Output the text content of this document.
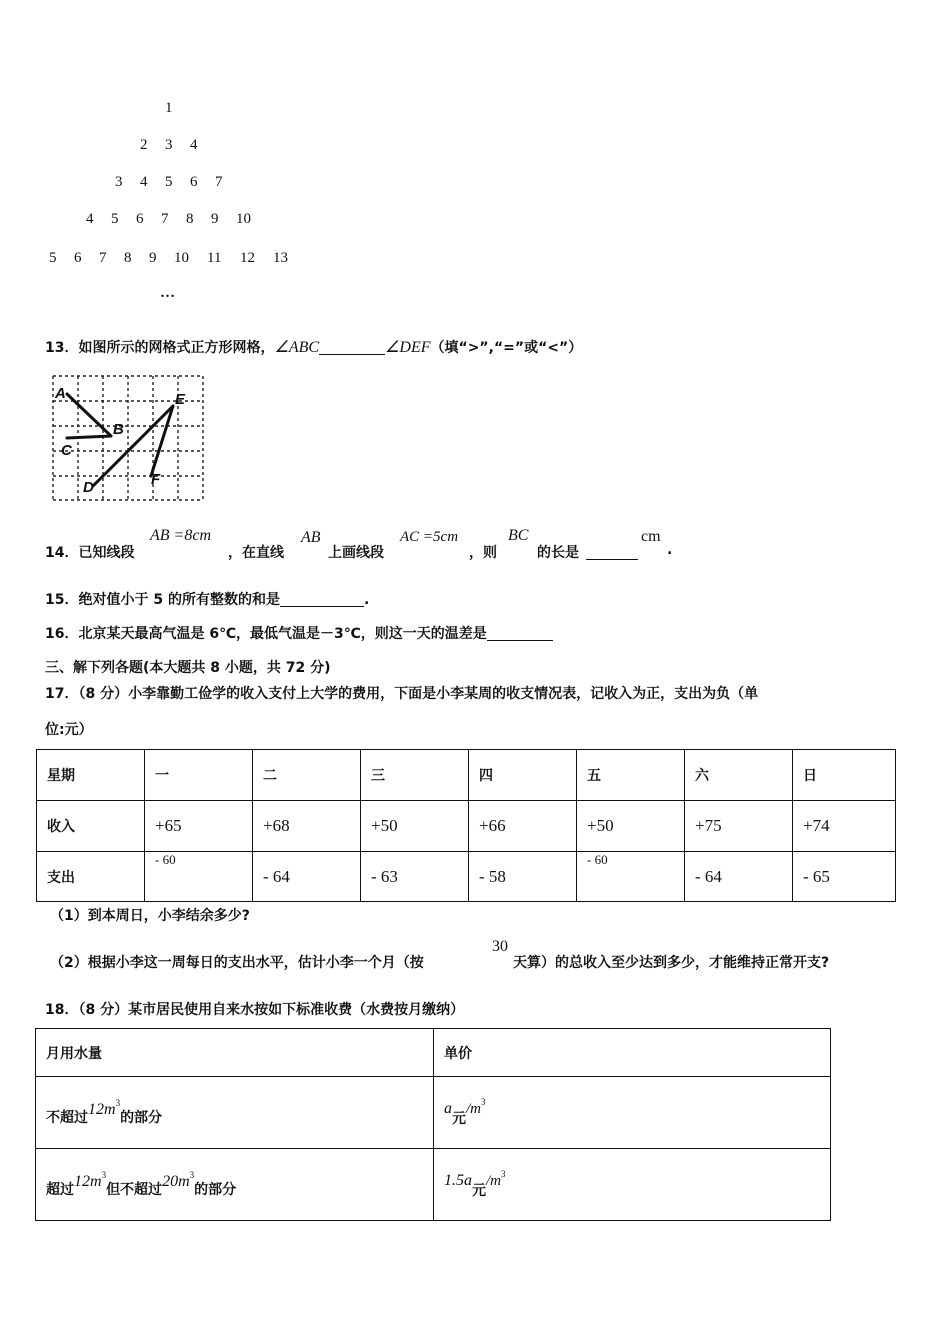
1
2 3 4
3 4 5 6 7
4 5 6 7 8 9 10
5 6 7 8 9 10 11 12 13
…
13．如图所示的网格式正方形网格，∠ABC	∠DEF（填“>”,“=”或“<”）
A
B
C
D
E
F
14．已知线段
AB =8cm
，在直线
AB
上画线段
AC =5cm
，则
BC
的长是
cm
.
15．绝对值小于 5 的所有整数的和是	.
16．北京某天最高气温是 6℃，最低气温是－3℃，则这一天的温差是
三、解下列各题(本大题共 8 小题，共 72 分)
17．（8 分）小李靠勤工俭学的收入支付上大学的费用，下面是小李某周的收支情况表，记收入为正，支出为负（单
位:元）
星期	一	二	三	四	五	六	日
收入	+65	+68	+50	+66	+50	+75	+74
支出	- 60	- 64	- 63	- 58	- 60	- 64	- 65
（1）到本周日，小李结余多少?
（2）根据小李这一周每日的支出水平，估计小李一个月（按
30
天算）的总收入至少达到多少，才能维持正常开支?
18．（8 分）某市居民使用自来水按如下标准收费（水费按月缴纳）
月用水量	单价
不超过$12m^3$的部分	a元$/m^3$
超过$12m^3$但不超过$20m^3$的部分	1.5a元$/m^3$
